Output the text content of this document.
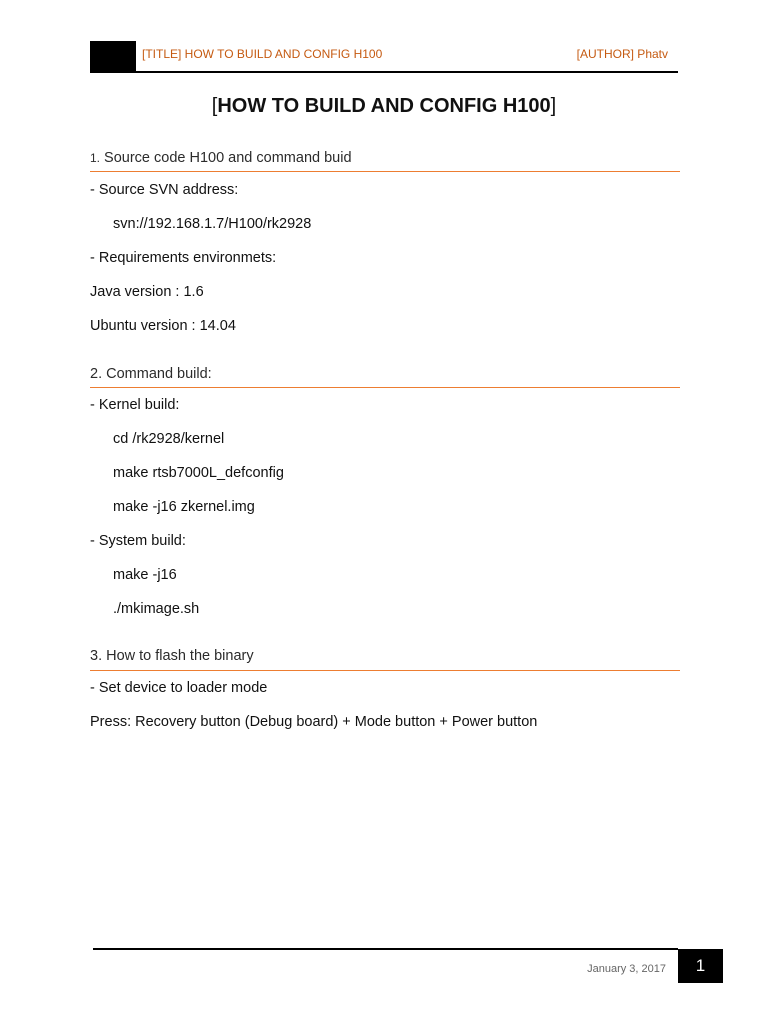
[TITLE] HOW TO BUILD AND CONFIG H100	[AUTHOR] Phatv
[HOW TO BUILD AND CONFIG H100]
1. Source code H100 and command buid
- Source SVN address:
svn://192.168.1.7/H100/rk2928
- Requirements environmets:
Java version : 1.6
Ubuntu version : 14.04
2. Command build:
- Kernel build:
cd /rk2928/kernel
make rtsb7000L_defconfig
make -j16 zkernel.img
- System build:
make -j16
./mkimage.sh
3. How to flash the binary
- Set device to loader mode
Press: Recovery button (Debug board) + Mode button + Power button
January 3, 2017	1
